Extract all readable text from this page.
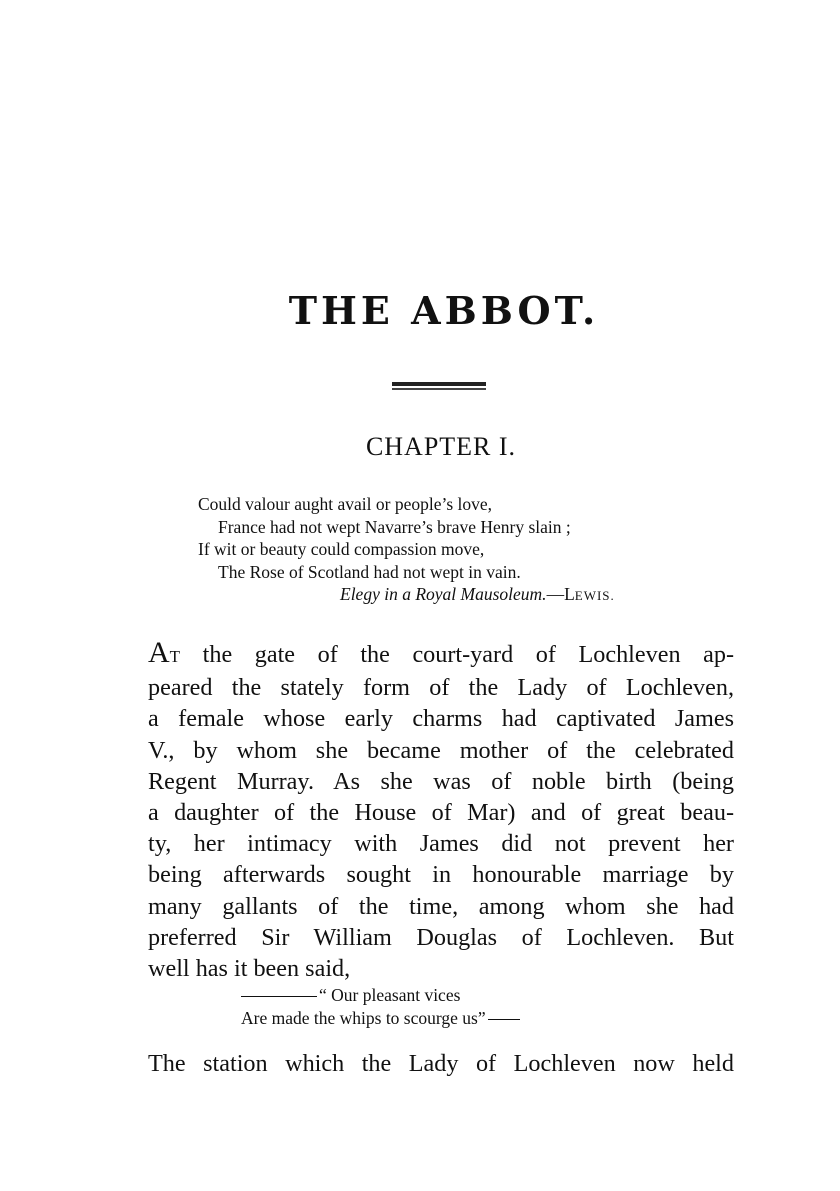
THE ABBOT.
CHAPTER I.
Could valour aught avail or people’s love,
France had not wept Navarre’s brave Henry slain ;
If wit or beauty could compassion move,
The Rose of Scotland had not wept in vain.
Elegy in a Royal Mausoleum.—LEWIS.
AT the gate of the court-yard of Lochleven ap-
peared the stately form of the Lady of Lochleven,
a female whose early charms had captivated James
V., by whom she became mother of the celebrated
Regent Murray. As she was of noble birth (being
a daughter of the House of Mar) and of great beau-
ty, her intimacy with James did not prevent her
being afterwards sought in honourable marriage by
many gallants of the time, among whom she had
preferred Sir William Douglas of Lochleven. But
well has it been said,
“ Our pleasant vices
Are made the whips to scourge us”
The station which the Lady of Lochleven now held
